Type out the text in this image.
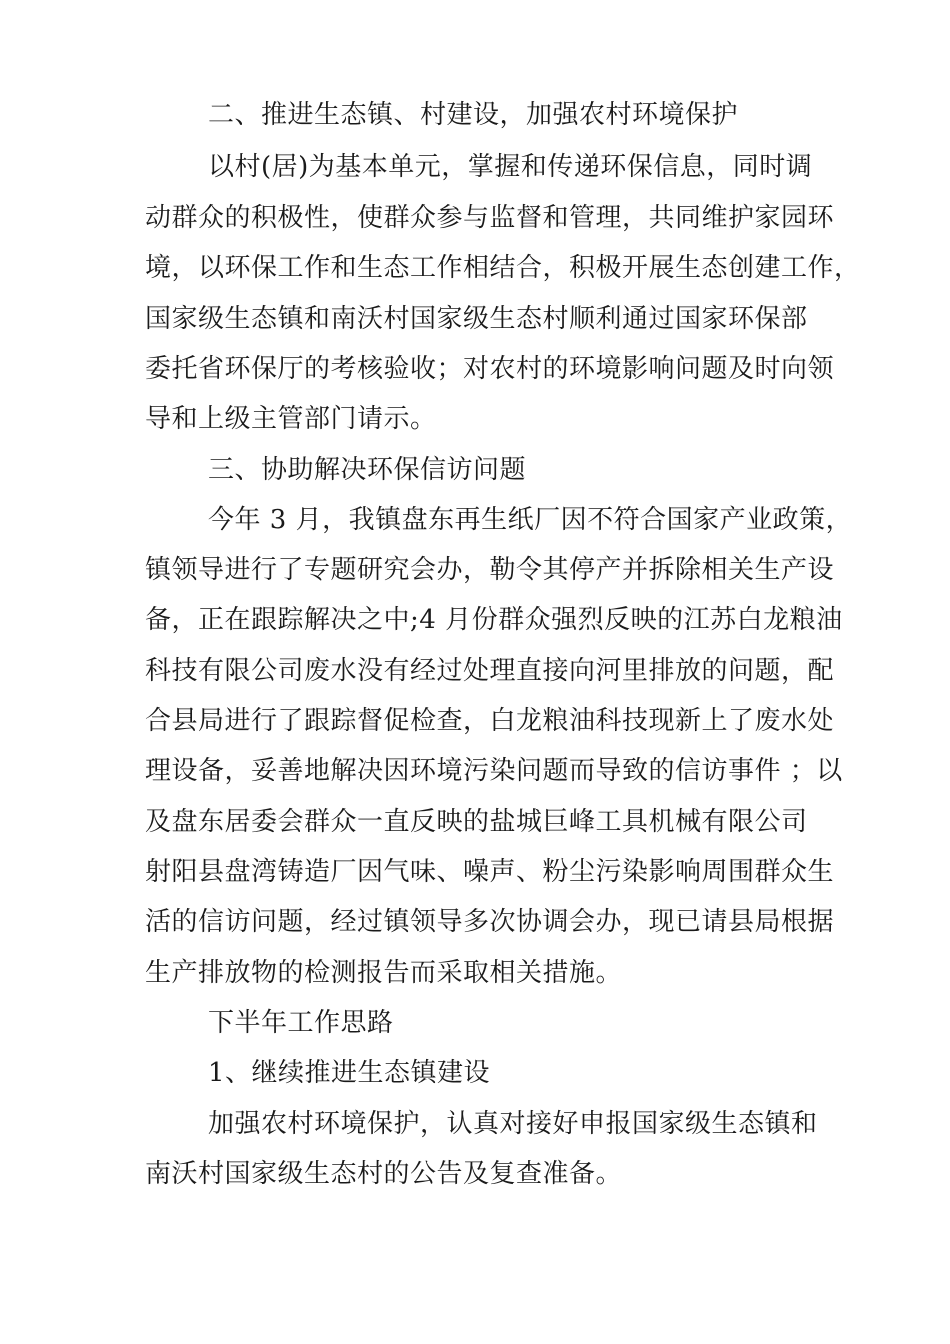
二、推进生态镇、村建设，加强农村环境保护

以村(居)为基本单元，掌握和传递环保信息，同时调

动群众的积极性，使群众参与监督和管理，共同维护家园环

境，以环保工作和生态工作相结合，积极开展生态创建工作，

国家级生态镇和南沃村国家级生态村顺利通过国家环保部

委托省环保厅的考核验收；对农村的环境影响问题及时向领

导和上级主管部门请示。

三、协助解决环保信访问题

今年 3 月，我镇盘东再生纸厂因不符合国家产业政策，

镇领导进行了专题研究会办，勒令其停产并拆除相关生产设

备，正在跟踪解决之中;4 月份群众强烈反映的江苏白龙粮油

科技有限公司废水没有经过处理直接向河里排放的问题，配

合县局进行了跟踪督促检查，白龙粮油科技现新上了废水处

理设备，妥善地解决因环境污染问题而导致的信访事件 ；以

及盘东居委会群众一直反映的盐城巨峰工具机械有限公司

射阳县盘湾铸造厂因气味、噪声、粉尘污染影响周围群众生

活的信访问题，经过镇领导多次协调会办，现已请县局根据

生产排放物的检测报告而采取相关措施。

下半年工作思路

1、继续推进生态镇建设

加强农村环境保护，认真对接好申报国家级生态镇和

南沃村国家级生态村的公告及复查准备。
